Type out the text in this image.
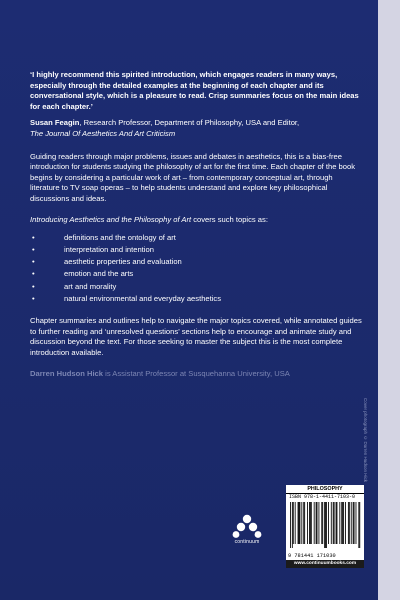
‘I highly recommend this spirited introduction, which engages readers in many ways, especially through the detailed examples at the beginning of each chapter and its conversational style, which is a pleasure to read. Crisp summaries focus on the main ideas for each chapter.’

Susan Feagin, Research Professor, Department of Philosophy, USA and Editor,
The Journal Of Aesthetics And Art Criticism

Guiding readers through major problems, issues and debates in aesthetics, this is a bias-free introduction for students studying the philosophy of art for the first time. Each chapter of the book begins by considering a particular work of art – from contemporary conceptual art, through literature to TV soap operas – to help students understand and explore key philosophical discussions and ideas.

Introducing Aesthetics and the Philosophy of Art covers such topics as:

•	definitions and the ontology of art
•	interpretation and intention
•	aesthetic properties and evaluation
•	emotion and the arts
•	art and morality
•	natural environmental and everyday aesthetics

Chapter summaries and outlines help to navigate the major topics covered, while annotated guides to further reading and ‘unresolved questions’ sections help to encourage and animate study and discussion beyond the text. For those seeking to master the subject this is the most complete introduction available.

Darren Hudson Hick is Assistant Professor at Susquehanna University, USA

Cover photograph © Darren Hudson Hick
continuum
PHILOSOPHY
ISBN 978-1-4411-7103-0
9 781441 171030
www.continuumbooks.com
